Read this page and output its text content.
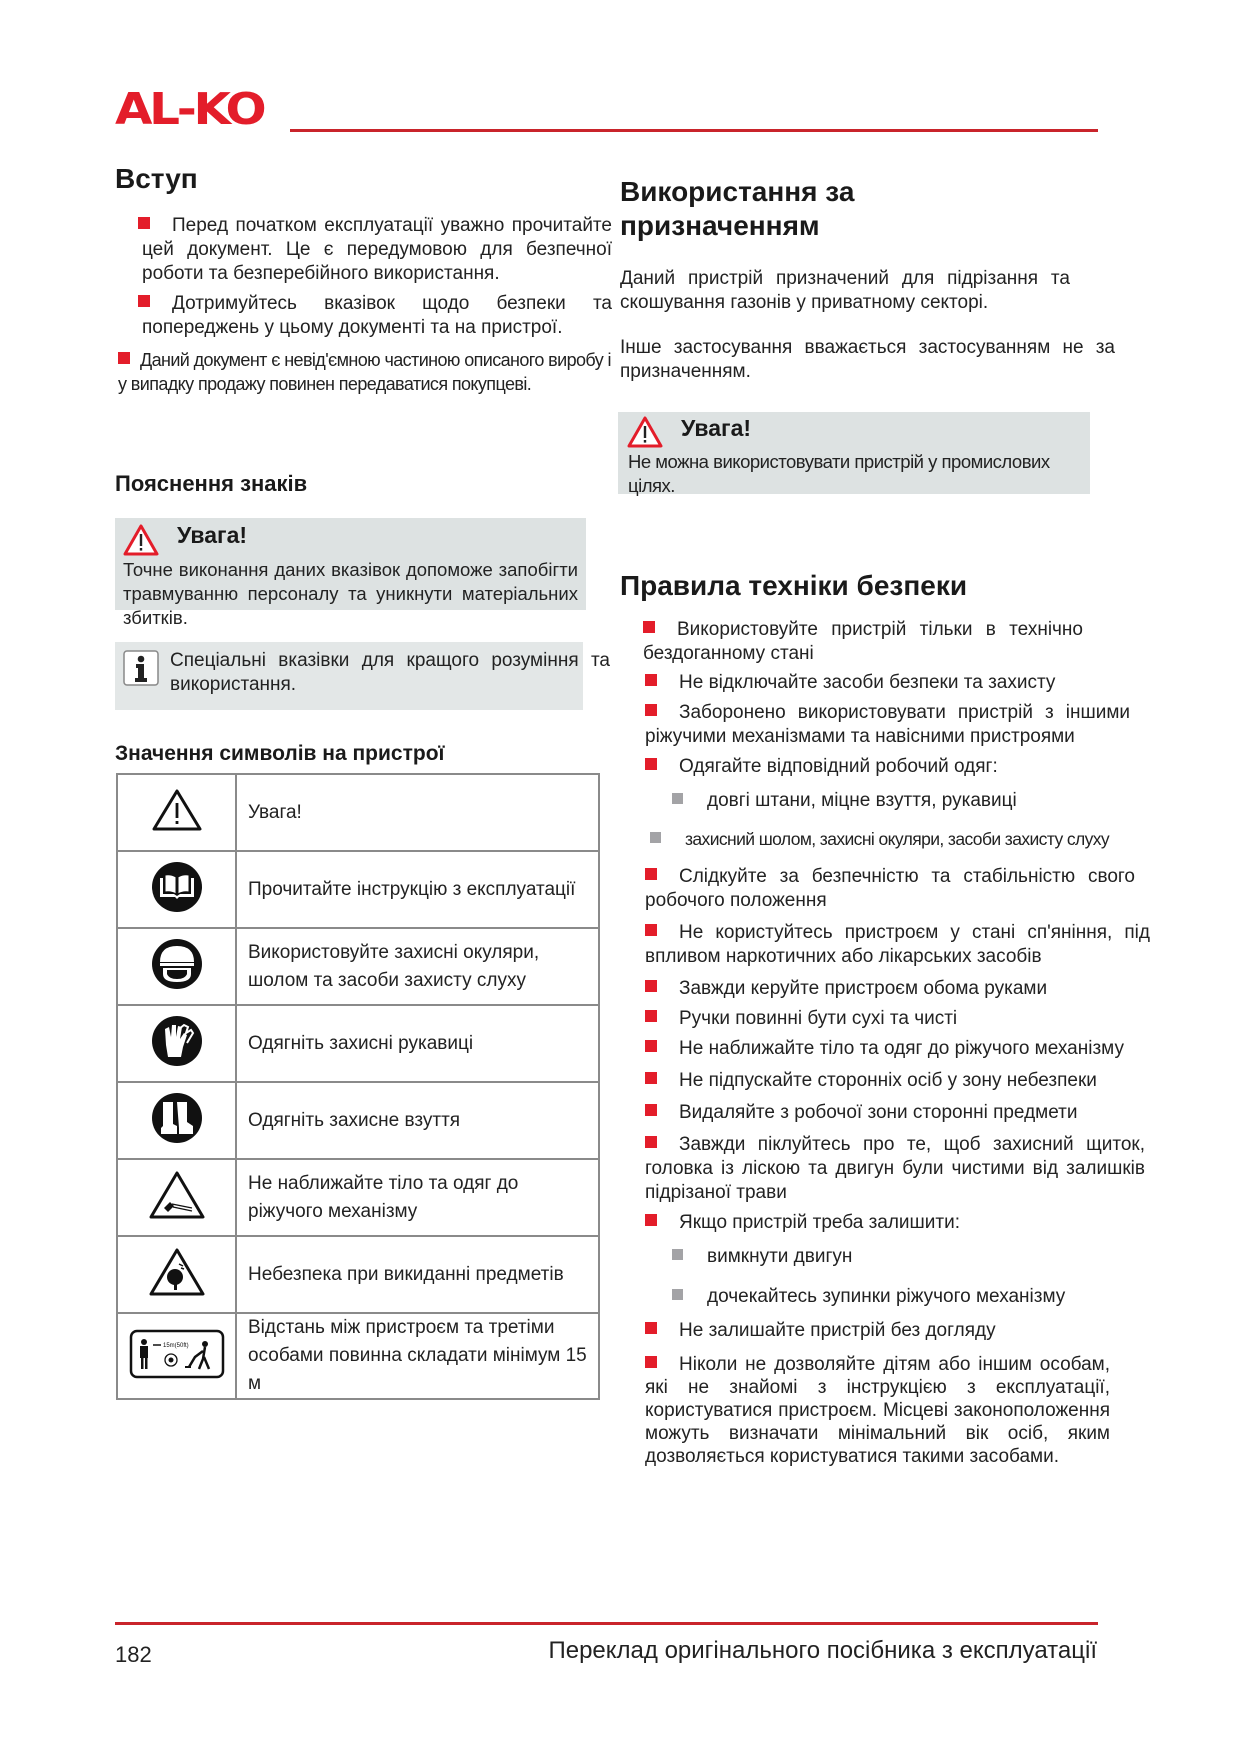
AL-KO
Вступ
Перед початком експлуатації уважно прочитайте цей документ. Це є передумовою для безпечної роботи та безперебійного використання.
Дотримуйтесь вказівок щодо безпеки та попереджень у цьому документі та на пристрої.
Даний документ є невід'ємною частиною описаного виробу і у випадку продажу повинен передаватися покупцеві.
Пояснення знаків
Увага!
Точне виконання даних вказівок допоможе запобігти травмуванню персоналу та уникнути матеріальних збитків.
Спеціальні вказівки для кращого розуміння та використання.
Значення символів на пристрої
	Увага!
	Прочитайте інструкцію з експлуатації
	Використовуйте захисні окуляри, шолом та засоби захисту слуху
	Одягніть захисні рукавиці
	Одягніть захисне взуття
	Не наближайте тіло та одяг до ріжучого механізму
	Небезпека при викиданні предметів

15m(50ft)	Відстань між пристроєм та третіми особами повинна складати мінімум 15 м
Використання за
призначенням
Даний пристрій призначений для підрізання та скошування газонів у приватному секторі.
Інше застосування вважається застосуванням не за призначенням.
Увага!
Не можна використовувати пристрій у промислових цілях.
Правила техніки безпеки
Використовуйте пристрій тільки в технічно бездоганному стані
Не відключайте засоби безпеки та захисту
Заборонено використовувати пристрій з іншими ріжучими механізмами та навісними пристроями
Одягайте відповідний робочий одяг:
довгі штани, міцне взуття, рукавиці
захисний шолом, захисні окуляри, засоби захисту слуху
Слідкуйте за безпечністю та стабільністю свого робочого положення
Не користуйтесь пристроєм у стані сп'яніння, під впливом наркотичних або лікарських засобів
Завжди керуйте пристроєм обома руками
Ручки повинні бути сухі та чисті
Не наближайте тіло та одяг до ріжучого механізму
Не підпускайте сторонніх осіб у зону небезпеки
Видаляйте з робочої зони сторонні предмети
Завжди піклуйтесь про те, щоб захисний щиток, головка із ліскою та двигун були чистими від залишків підрізаної трави
Якщо пристрій треба залишити:
вимкнути двигун
дочекайтесь зупинки ріжучого механізму
Не залишайте пристрій без догляду
Ніколи не дозволяйте дітям або іншим особам, які не знайомі з інструкцією з експлуатації, користуватися пристроєм. Місцеві законоположення можуть визначати мінімальний вік осіб, яким дозволяється користуватися такими засобами.
182	Переклад оригінального посібника з експлуатації
